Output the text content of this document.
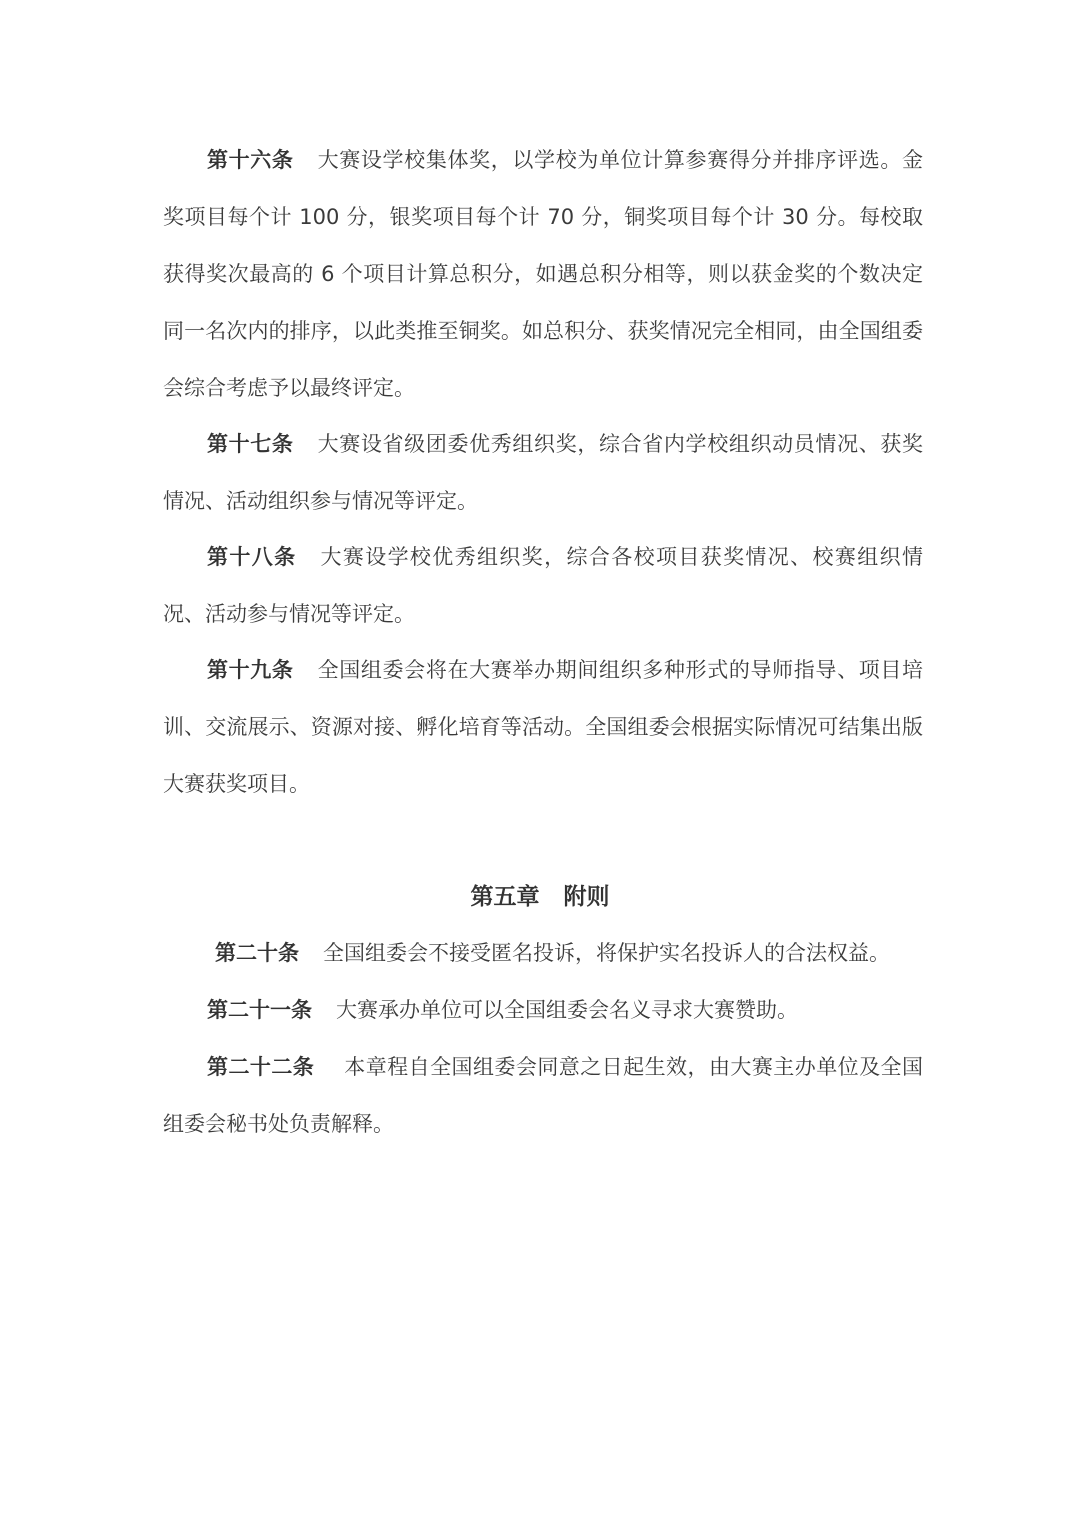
第十六条 大赛设学校集体奖，以学校为单位计算参赛得分并排序评选。金奖项目每个计 100 分，银奖项目每个计 70 分，铜奖项目每个计 30 分。每校取获得奖次最高的 6 个项目计算总积分，如遇总积分相等，则以获金奖的个数决定同一名次内的排序，以此类推至铜奖。如总积分、获奖情况完全相同，由全国组委会综合考虑予以最终评定。

第十七条 大赛设省级团委优秀组织奖，综合省内学校组织动员情况、获奖情况、活动组织参与情况等评定。

第十八条 大赛设学校优秀组织奖，综合各校项目获奖情况、校赛组织情况、活动参与情况等评定。

第十九条 全国组委会将在大赛举办期间组织多种形式的导师指导、项目培训、交流展示、资源对接、孵化培育等活动。全国组委会根据实际情况可结集出版大赛获奖项目。

第五章 附则

第二十条 全国组委会不接受匿名投诉，将保护实名投诉人的合法权益。

第二十一条 大赛承办单位可以全国组委会名义寻求大赛赞助。

第二十二条 本章程自全国组委会同意之日起生效，由大赛主办单位及全国组委会秘书处负责解释。
